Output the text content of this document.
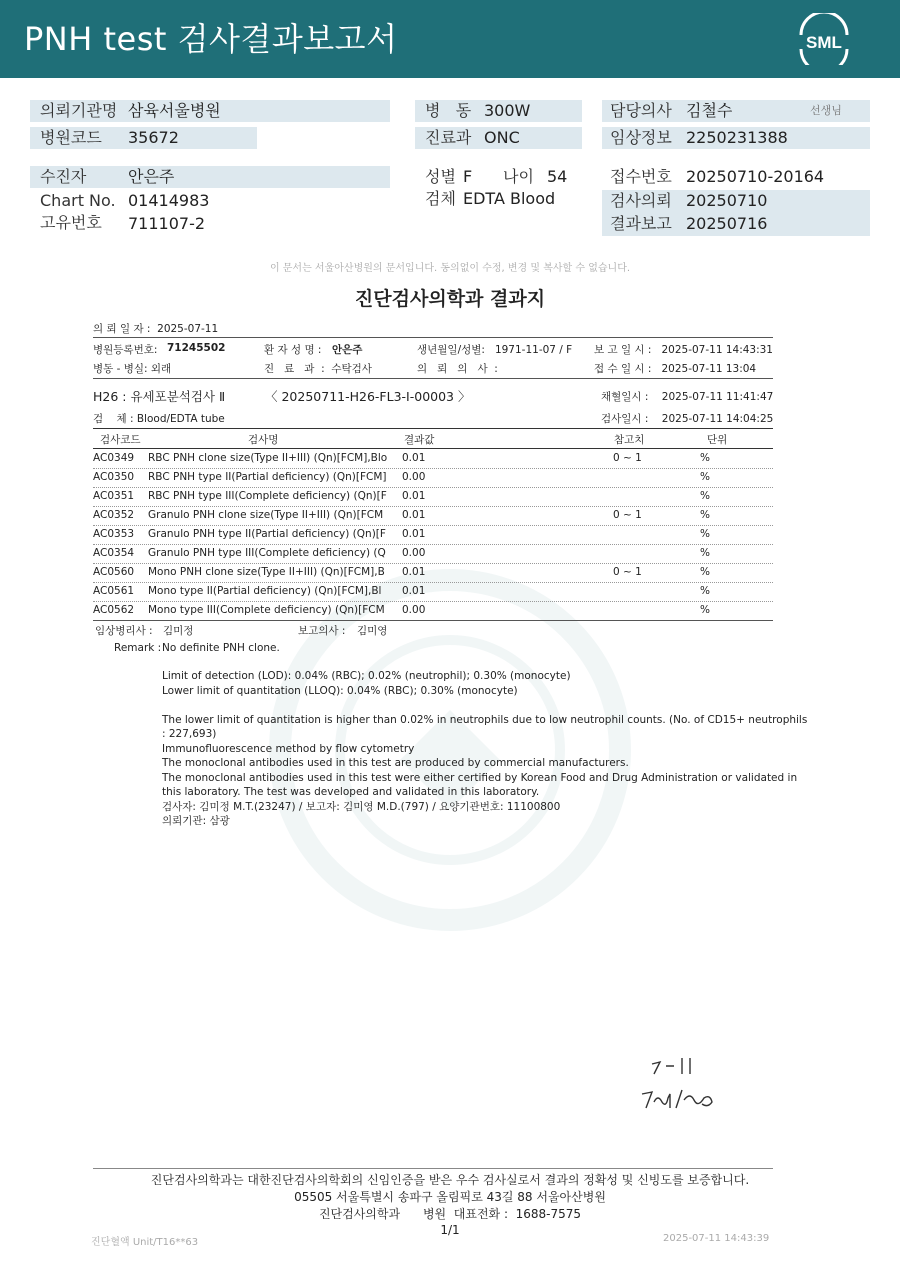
PNH test 검사결과보고서	SML
의뢰기관명 삼육서울병원
병원코드 35672
수진자	안은주
Chart No. 01414983
고유번호 711107-2
병   동 300W
진료과 ONC
성별 F 나이 54
검체 EDTA Blood
담당의사 김철수	선생님
임상정보 2250231388
접수번호 20250710-20164
검사의뢰 20250710
결과보고 20250716
이 문서는 서울아산병원의 문서입니다. 동의없이 수정, 변경 및 복사할 수 없습니다.
진단검사의학과 결과지
의 뢰 일 자 :  2025-07-11
병원등록번호: 71245502	환 자 성 명 : 안은주	생년월일/성별:   1971-11-07 / F 보 고 일 시 :   2025-07-11 14:43:31
병동 - 병실: 외래	진   료   과  :  수탁검사	의   뢰   의   사  :	접 수 일 시 :   2025-07-11 13:04
H26 : 유세포분석검사 Ⅱ	〈 20250711-H26-FL3-I-00003 〉	채혈일시 :    2025-07-11 11:41:47
검    체 : Blood/EDTA tube	검사일시 :    2025-07-11 14:04:25
검사코드	검사명	결과값	참고치	단위
AC0349 RBC PNH clone size(Type II+III) (Qn)[FCM],Blo 0.01	0 ~ 1	%
AC0350 RBC PNH type II(Partial deficiency) (Qn)[FCM] 0.00	%
AC0351 RBC PNH type III(Complete deficiency) (Qn)[F 0.01	%
AC0352 Granulo PNH clone size(Type II+III) (Qn)[FCM 0.01	0 ~ 1	%
AC0353 Granulo PNH type II(Partial deficiency) (Qn)[F 0.01	%
AC0354 Granulo PNH type III(Complete deficiency) (Q 0.00	%
AC0560 Mono PNH clone size(Type II+III) (Qn)[FCM],B 0.01	0 ~ 1	%
AC0561 Mono type II(Partial deficiency) (Qn)[FCM],Bl 0.01	%
AC0562 Mono type III(Complete deficiency) (Qn)[FCM 0.00	%
임상병리사 : 김미정	보고의사 : 김미영
Remark : No definite PNH clone.
Limit of detection (LOD): 0.04% (RBC); 0.02% (neutrophil); 0.30% (monocyte)
Lower limit of quantitation (LLOQ): 0.04% (RBC); 0.30% (monocyte)
The lower limit of quantitation is higher than 0.02% in neutrophils due to low neutrophil counts. (No. of CD15+ neutrophils
: 227,693)
Immunofluorescence method by flow cytometry
The monoclonal antibodies used in this test are produced by commercial manufacturers.
The monoclonal antibodies used in this test were either certified by Korean Food and Drug Administration or validated in
this laboratory. The test was developed and validated in this laboratory.
검사자: 김미정 M.T.(23247) / 보고자: 김미영 M.D.(797) / 요양기관번호: 11100800
의뢰기관: 삼광
진단검사의학과는 대한진단검사의학회의 신임인증을 받은 우수 검사실로서 결과의 정확성 및 신빙도를 보증합니다.
05505 서울특별시 송파구 올림픽로 43길 88 서울아산병원
진단검사의학과      병원  대표전화 :  1688-7575
1/1
진단혈액 Unit/T16**63	2025-07-11 14:43:39
